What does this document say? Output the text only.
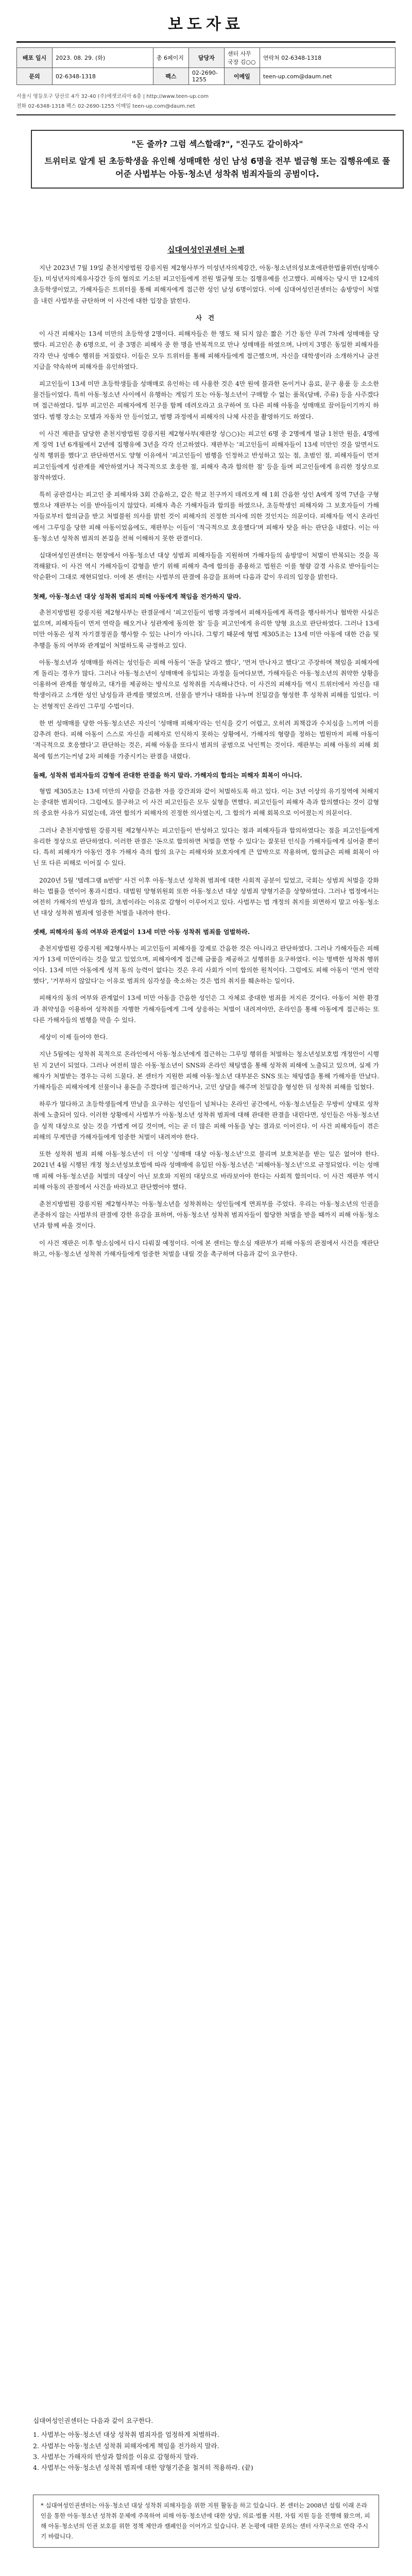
보도자료
배포 일시	2023. 08. 29. (화)	총 6페이지	담당자	센터 사무국장 김○○	연락처 02-6348-1318
문의	02-6348-1318	팩스	02-2690-1255	이메일	teen-up.com@daum.net
서울시 영등포구 당산로 4가 32-40 (주)에셋코리아 6층 | http://www.teen-up.com
전화 02-6348-1318 팩스 02-2690-1255 이메일 teen-up.com@daum.net
"돈 줄까? 그럼 섹스할래?", "진구도 같이하자"
트위터로 알게 된 초등학생을 유인해 성매매한 성인 남성 6명을 전부 벌금형 또는 집행유예로 풀어준 사법부는 아동·청소년 성착취 범죄자들의 공범이다.
십대여성인권센터 논평

지난 2023년 7월 19일 춘천지방법원 강릉지원 제2형사부가 미성년자의제강간, 아동·청소년의성보호에관한법률위반(성매수등), 미성년자의제유사강간 등의 혐의로 기소된 피고인들에게 전원 벌금형 또는 집행유예를 선고했다. 피해자는 당시 만 12세의 초등학생이었고, 가해자들은 트위터를 통해 피해자에게 접근한 성인 남성 6명이었다. 이에 십대여성인권센터는 솜방망이 처벌을 내린 사법부를 규탄하며 이 사건에 대한 입장을 밝힌다.

사 건

이 사건 피해자는 13세 미만의 초등학생 2명이다. 피해자들은 한 명도 채 되지 않은 짧은 기간 동안 무려 7차례 성매매를 당했다. 피고인은 총 6명으로, 이 중 3명은 피해자 중 한 명을 반복적으로 만나 성매매를 하였으며, 나머지 3명은 동일한 피해자를 각각 만나 성매수 행위를 저질렀다. 이들은 모두 트위터를 통해 피해자들에게 접근했으며, 자신을 대학생이라 소개하거나 금전 지급을 약속하며 피해자를 유인하였다.

피고인들이 13세 미만 초등학생들을 성매매로 유인하는 데 사용한 것은 4만 원에 불과한 돈이거나 음료, 문구 용품 등 소소한 물건들이었다. 특히 아동·청소년 사이에서 유행하는 게임기 또는 아동·청소년이 구매할 수 없는 품목(담배, 주류) 등을 사주겠다며 접근하였다. 일부 피고인은 피해자에게 친구를 함께 데려오라고 요구하여 또 다른 피해 아동을 성매매로 끌어들이기까지 하였다. 범행 장소는 모텔과 자동차 안 등이었고, 범행 과정에서 피해자의 나체 사진을 촬영하기도 하였다.

이 사건 재판을 담당한 춘천지방법원 강릉지원 제2형사부(재판장 성○○)는 피고인 6명 중 2명에게 벌금 1천만 원을, 4명에게 징역 1년 6개월에서 2년에 집행유예 3년을 각각 선고하였다. 재판부는 '피고인들이 피해자들이 13세 미만인 것을 알면서도 성적 행위를 했다'고 판단하면서도 양형 이유에서 '피고인들이 범행을 인정하고 반성하고 있는 점, 초범인 점, 피해자들이 먼저 피고인들에게 성관계를 제안하였거나 적극적으로 호응한 점, 피해자 측과 합의한 점' 등을 들며 피고인들에게 유리한 정상으로 참작하였다.

특히 공판검사는 피고인 중 피해자와 3회 간음하고, 같은 학교 친구까지 데려오게 해 1회 간음한 성인 A에게 징역 7년을 구형했으나 재판부는 이를 받아들이지 않았다. 피해자 측은 가해자들과 합의를 하였으나, 초등학생인 피해자와 그 보호자들이 가해자들로부터 합의금을 받고 처벌불원 의사를 밝힌 것이 피해자의 진정한 의사에 의한 것인지는 의문이다. 피해자들 역시 온라인에서 그루밍을 당한 피해 아동이었음에도, 재판부는 이들이 '적극적으로 호응했다'며 피해자 탓을 하는 판단을 내렸다. 이는 아동·청소년 성착취 범죄의 본질을 전혀 이해하지 못한 판결이다.

십대여성인권센터는 현장에서 아동·청소년 대상 성범죄 피해자들을 지원하며 가해자들의 솜방망이 처벌이 반복되는 것을 목격해왔다. 이 사건 역시 가해자들이 감형을 받기 위해 피해자 측에 합의를 종용하고 법원은 이를 형량 감경 사유로 받아들이는 악순환이 그대로 재현되었다. 이에 본 센터는 사법부의 판결에 유감을 표하며 다음과 같이 우리의 입장을 밝힌다.

첫째, 아동·청소년 대상 성착취 범죄의 피해 아동에게 책임을 전가하지 말라.

춘천지방법원 강릉지원 제2형사부는 판결문에서 '피고인들이 범행 과정에서 피해자들에게 폭력을 행사하거나 협박한 사실은 없으며, 피해자들이 먼저 연락을 해오거나 성관계에 동의한 점' 등을 피고인에게 유리한 양형 요소로 판단하였다. 그러나 13세 미만 아동은 성적 자기결정권을 행사할 수 있는 나이가 아니다. 그렇기 때문에 형법 제305조는 13세 미만 아동에 대한 간음 및 추행을 동의 여부와 관계없이 처벌하도록 규정하고 있다.

아동·청소년과 성매매를 하려는 성인들은 피해 아동이 '돈을 달라고 했다', '먼저 만나자고 했다'고 주장하며 책임을 피해자에게 돌리는 경우가 많다. 그러나 아동·청소년이 성매매에 유입되는 과정을 들여다보면, 가해자들은 아동·청소년의 취약한 상황을 이용하여 관계를 형성하고, 대가를 제공하는 방식으로 성착취를 지속해나간다. 이 사건의 피해자들 역시 트위터에서 자신을 대학생이라고 소개한 성인 남성들과 관계를 맺었으며, 선물을 받거나 대화를 나누며 친밀감을 형성한 후 성착취 피해를 입었다. 이는 전형적인 온라인 그루밍 수법이다.

한 번 성매매를 당한 아동·청소년은 자신이 '성매매 피해자'라는 인식을 갖기 어렵고, 오히려 죄책감과 수치심을 느끼며 이를 감추려 한다. 피해 아동이 스스로 자신을 피해자로 인식하지 못하는 상황에서, 가해자의 형량을 정하는 법원마저 피해 아동이 '적극적으로 호응했다'고 판단하는 것은, 피해 아동을 또다시 범죄의 공범으로 낙인찍는 것이다. 재판부는 피해 아동의 피해 회복에 힘쓰기는커녕 2차 피해를 가중시키는 판결을 내렸다.

둘째, 성착취 범죄자들의 감형에 관대한 판결을 하지 말라. 가해자의 합의는 피해자 회복이 아니다.

형법 제305조는 13세 미만의 사람을 간음한 자를 강간죄와 같이 처벌하도록 하고 있다. 이는 3년 이상의 유기징역에 처해지는 중대한 범죄이다. 그럼에도 불구하고 이 사건 피고인들은 모두 실형을 면했다. 피고인들이 피해자 측과 합의했다는 것이 감형의 중요한 사유가 되었는데, 과연 합의가 피해자의 진정한 의사였는지, 그 합의가 피해 회복으로 이어졌는지 의문이다.

그러나 춘천지방법원 강릉지원 제2형사부는 피고인들이 반성하고 있다는 점과 피해자들과 합의하였다는 점을 피고인들에게 유리한 정상으로 판단하였다. 이러한 판결은 '돈으로 합의하면 처벌을 면할 수 있다'는 잘못된 인식을 가해자들에게 심어줄 뿐이다. 특히 피해자가 아동인 경우 가해자 측의 합의 요구는 피해자와 보호자에게 큰 압박으로 작용하며, 합의금은 피해 회복이 아닌 또 다른 피해로 이어질 수 있다.

2020년 5월 '텔레그램 n번방' 사건 이후 아동·청소년 성착취 범죄에 대한 사회적 공분이 일었고, 국회는 성범죄 처벌을 강화하는 법률을 연이어 통과시켰다. 대법원 양형위원회 또한 아동·청소년 대상 성범죄 양형기준을 상향하였다. 그러나 법정에서는 여전히 가해자의 반성과 합의, 초범이라는 이유로 감형이 이루어지고 있다. 사법부는 법 개정의 취지를 외면하지 말고 아동·청소년 대상 성착취 범죄에 엄중한 처벌을 내려야 한다.

셋째, 피해자의 동의 여부와 관계없이 13세 미만 아동 성착취 범죄를 엄벌하라.

춘천지방법원 강릉지원 제2형사부는 피고인들이 피해자를 강제로 간음한 것은 아니라고 판단하였다. 그러나 가해자들은 피해자가 13세 미만이라는 것을 알고 있었으며, 피해자에게 접근해 금품을 제공하고 성행위를 요구하였다. 이는 명백한 성착취 행위이다. 13세 미만 아동에게 성적 동의 능력이 없다는 것은 우리 사회가 이미 합의한 원칙이다. 그럼에도 피해 아동이 '먼저 연락했다', '거부하지 않았다'는 이유로 범죄의 심각성을 축소하는 것은 법의 취지를 훼손하는 일이다.

피해자의 동의 여부와 관계없이 13세 미만 아동을 간음한 성인은 그 자체로 중대한 범죄를 저지른 것이다. 아동이 처한 환경과 취약성을 이용하여 성착취를 자행한 가해자들에게 그에 상응하는 처벌이 내려져야만, 온라인을 통해 아동에게 접근하는 또 다른 가해자들의 범행을 막을 수 있다.

세상이 이제 들어야 한다.

지난 5월에는 성착취 목적으로 온라인에서 아동·청소년에게 접근하는 그루밍 행위를 처벌하는 청소년성보호법 개정안이 시행된 지 2년이 되었다. 그러나 여전히 많은 아동·청소년이 SNS와 온라인 채팅앱을 통해 성착취 피해에 노출되고 있으며, 실제 가해자가 처벌받는 경우는 극히 드물다. 본 센터가 지원한 피해 아동·청소년 대부분은 SNS 또는 채팅앱을 통해 가해자를 만났다. 가해자들은 피해자에게 선물이나 용돈을 주겠다며 접근하거나, 고민 상담을 해주며 친밀감을 형성한 뒤 성착취 피해를 입혔다.

하루가 멀다하고 초등학생들에게 만남을 요구하는 성인들이 넘쳐나는 온라인 공간에서, 아동·청소년들은 무방비 상태로 성착취에 노출되어 있다. 이러한 상황에서 사법부가 아동·청소년 성착취 범죄에 대해 관대한 판결을 내린다면, 성인들은 아동·청소년을 성적 대상으로 삼는 것을 가볍게 여길 것이며, 이는 곧 더 많은 피해 아동을 낳는 결과로 이어진다. 이 사건 피해자들이 겪은 피해의 무게만큼 가해자들에게 엄중한 처벌이 내려져야 한다.

또한 성착취 범죄 피해 아동·청소년이 더 이상 '성매매 대상 아동·청소년'으로 불리며 보호처분을 받는 일은 없어야 한다. 2021년 4월 시행된 개정 청소년성보호법에 따라 성매매에 유입된 아동·청소년은 '피해아동·청소년'으로 규정되었다. 이는 성매매 피해 아동·청소년을 처벌의 대상이 아닌 보호와 지원의 대상으로 바라보아야 한다는 사회적 합의이다. 이 사건 재판부 역시 피해 아동의 관점에서 사건을 바라보고 판단했어야 했다.

춘천지방법원 강릉지원 제2형사부는 아동·청소년을 성착취하는 성인들에게 면죄부를 주었다. 우리는 아동·청소년의 인권을 존중하지 않는 사법부의 판결에 강한 유감을 표하며, 아동·청소년 성착취 범죄자들이 합당한 처벌을 받을 때까지 피해 아동·청소년과 함께 싸울 것이다.

이 사건 재판은 이후 항소심에서 다시 다뤄질 예정이다. 이에 본 센터는 항소심 재판부가 피해 아동의 관점에서 사건을 재판단하고, 아동·청소년 성착취 가해자들에게 엄중한 처벌을 내릴 것을 촉구하며 다음과 같이 요구한다.

십대여성인권센터는 다음과 같이 요구한다.
1. 사법부는 아동·청소년 대상 성착취 범죄자를 엄정하게 처벌하라.
2. 사법부는 아동·청소년 성착취 피해자에게 책임을 전가하지 말라.
3. 사법부는 가해자의 반성과 합의를 이유로 감형하지 말라.
4. 사법부는 아동·청소년 성착취 범죄에 대한 양형기준을 철저히 적용하라. (끝)
* 십대여성인권센터는 아동·청소년 대상 성착취 피해자들을 위한 지원 활동을 하고 있습니다. 본 센터는 2008년 설립 이래 온라인을 통한 아동·청소년 성착취 문제에 주목하여 피해 아동·청소년에 대한 상담, 의료·법률 지원, 자립 지원 등을 진행해 왔으며, 피해 아동·청소년의 인권 보호를 위한 정책 제안과 캠페인을 이어가고 있습니다. 본 논평에 대한 문의는 센터 사무국으로 연락 주시기 바랍니다.
